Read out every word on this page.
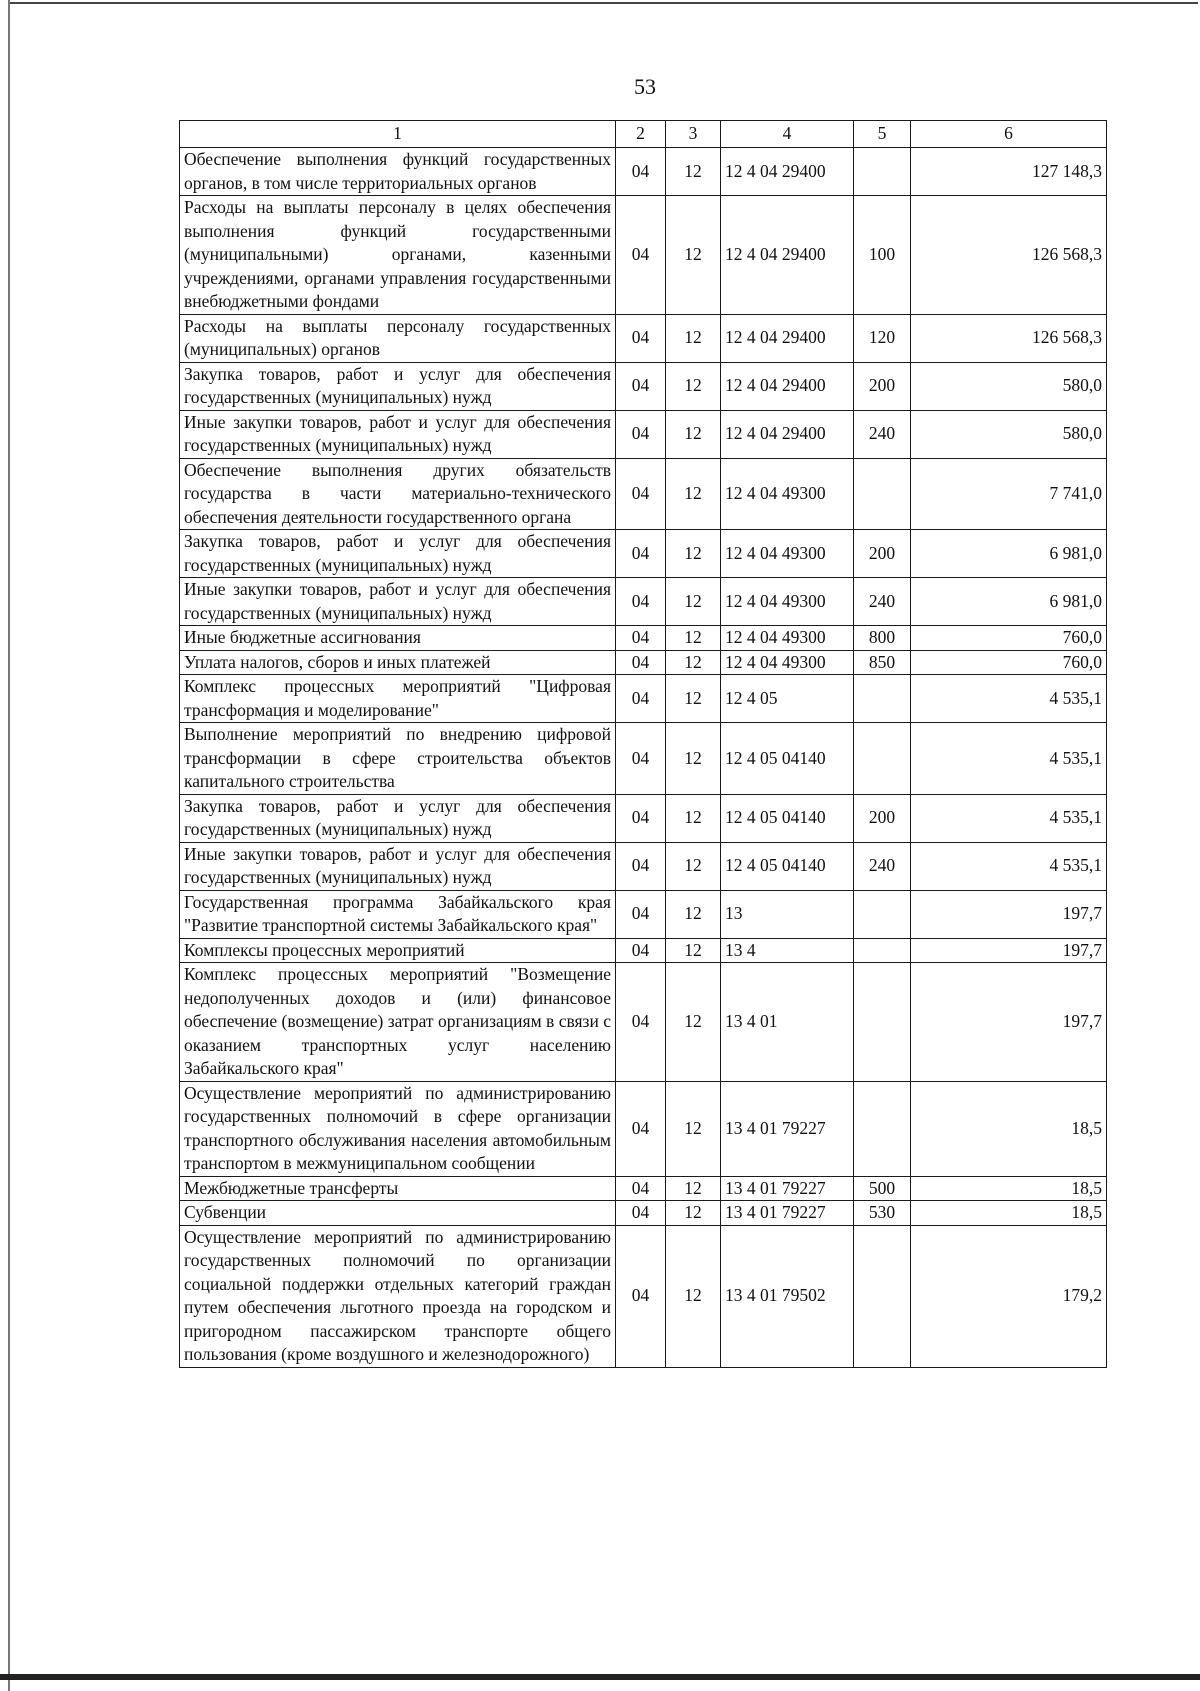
53
1	2	3	4	5	6
Обеспечение выполнения функций государственных органов, в том числе территориальных органов	04	12	12 4 04 29400		127 148,3
Расходы на выплаты персоналу в целях обеспечения выполнения функций государственными (муниципальными) органами, казенными учреждениями, органами управления государственными внебюджетными фондами	04	12	12 4 04 29400	100	126 568,3
Расходы на выплаты персоналу государственных (муниципальных) органов	04	12	12 4 04 29400	120	126 568,3
Закупка товаров, работ и услуг для обеспечения государственных (муниципальных) нужд	04	12	12 4 04 29400	200	580,0
Иные закупки товаров, работ и услуг для обеспечения государственных (муниципальных) нужд	04	12	12 4 04 29400	240	580,0
Обеспечение выполнения других обязательств государства в части материально-технического обеспечения деятельности государственного органа	04	12	12 4 04 49300		7 741,0
Закупка товаров, работ и услуг для обеспечения государственных (муниципальных) нужд	04	12	12 4 04 49300	200	6 981,0
Иные закупки товаров, работ и услуг для обеспечения государственных (муниципальных) нужд	04	12	12 4 04 49300	240	6 981,0
Иные бюджетные ассигнования	04	12	12 4 04 49300	800	760,0
Уплата налогов, сборов и иных платежей	04	12	12 4 04 49300	850	760,0
Комплекс процессных мероприятий "Цифровая трансформация и моделирование"	04	12	12 4 05		4 535,1
Выполнение мероприятий по внедрению цифровой трансформации в сфере строительства объектов капитального строительства	04	12	12 4 05 04140		4 535,1
Закупка товаров, работ и услуг для обеспечения государственных (муниципальных) нужд	04	12	12 4 05 04140	200	4 535,1
Иные закупки товаров, работ и услуг для обеспечения государственных (муниципальных) нужд	04	12	12 4 05 04140	240	4 535,1
Государственная программа Забайкальского края "Развитие транспортной системы Забайкальского края"	04	12	13		197,7
Комплексы процессных мероприятий	04	12	13 4		197,7
Комплекс процессных мероприятий "Возмещение недополученных доходов и (или) финансовое обеспечение (возмещение) затрат организациям в связи с оказанием транспортных услуг населению Забайкальского края"	04	12	13 4 01		197,7
Осуществление мероприятий по администрированию государственных полномочий в сфере организации транспортного обслуживания населения автомобильным транспортом в межмуниципальном сообщении	04	12	13 4 01 79227		18,5
Межбюджетные трансферты	04	12	13 4 01 79227	500	18,5
Субвенции	04	12	13 4 01 79227	530	18,5
Осуществление мероприятий по администрированию государственных полномочий по организации социальной поддержки отдельных категорий граждан путем обеспечения льготного проезда на городском и пригородном пассажирском транспорте общего пользования (кроме воздушного и железнодорожного)	04	12	13 4 01 79502		179,2
